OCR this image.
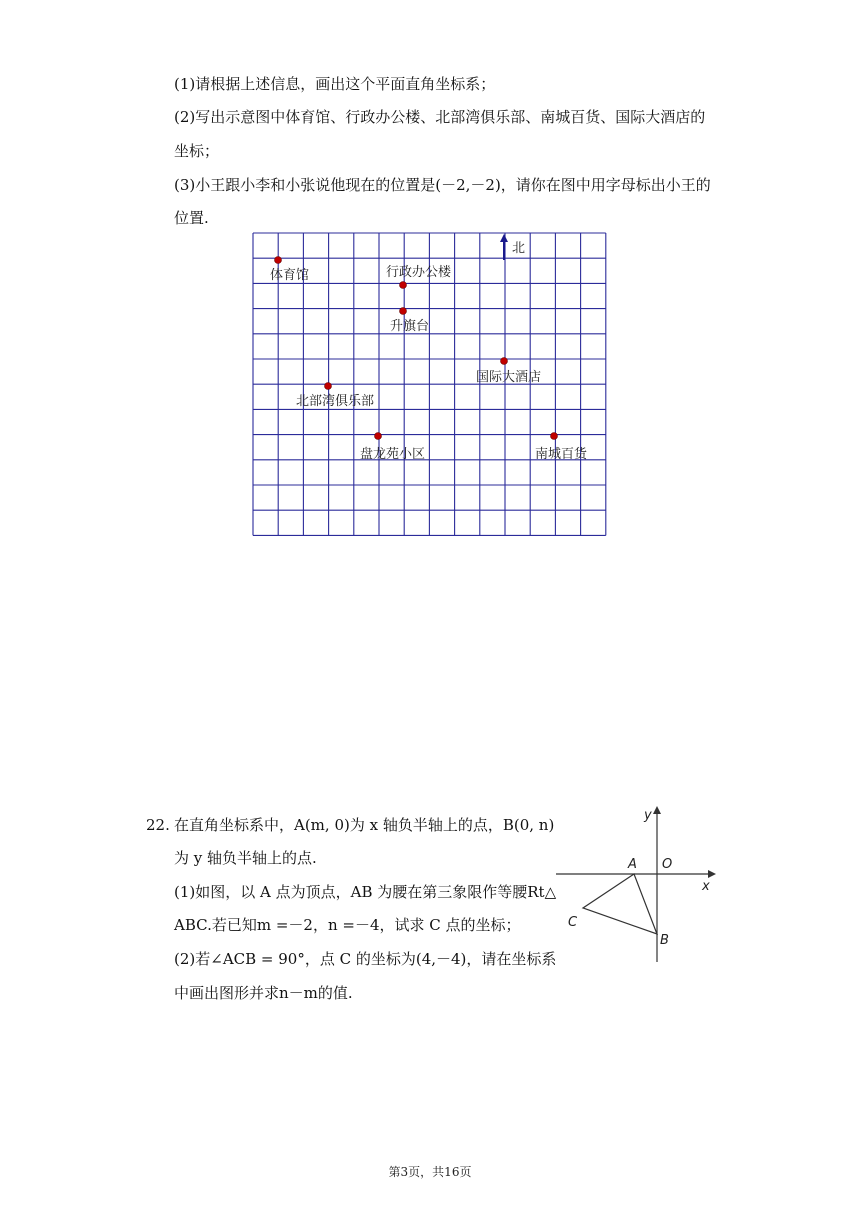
(1)请根据上述信息，画出这个平面直角坐标系；
(2)写出示意图中体育馆、行政办公楼、北部湾俱乐部、南城百货、国际大酒店的
坐标；
(3)小王跟小李和小张说他现在的位置是(－2,－2)，请你在图中用字母标出小王的
位置.
北
体育馆	行政办公楼
升旗台
国际大酒店
北部湾俱乐部
盘龙苑小区	南城百货
22. 在直角坐标系中，A(m, 0)为 x 轴负半轴上的点，B(0, n)
为 y 轴负半轴上的点.
(1)如图，以 A 点为顶点，AB 为腰在第三象限作等腰Rt△
ABC.若已知m =－2，n =－4，试求 C 点的坐标；
(2)若∠ACB = 90°，点 C 的坐标为(4,－4)，请在坐标系
中画出图形并求n－m的值.
y
x
O
A
B
C
第3页，共16页
